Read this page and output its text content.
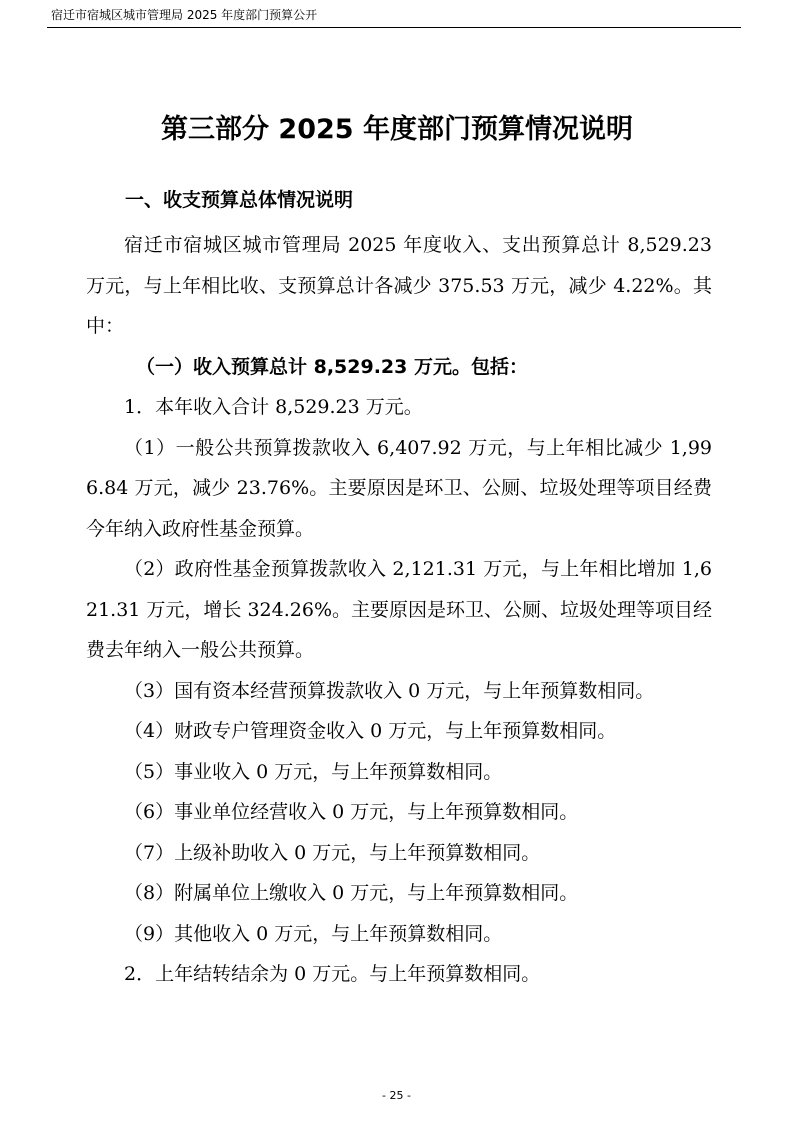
宿迁市宿城区城市管理局 2025 年度部门预算公开
第三部分 2025 年度部门预算情况说明
一、收支预算总体情况说明

宿迁市宿城区城市管理局 2025 年度收入、支出预算总计 8,529.23 万元，与上年相比收、支预算总计各减少 375.53 万元，减少 4.22%。其中：

（一）收入预算总计 8,529.23 万元。包括：

1．本年收入合计 8,529.23 万元。

（1）一般公共预算拨款收入 6,407.92 万元，与上年相比减少 1,996.84 万元，减少 23.76%。主要原因是环卫、公厕、垃圾处理等项目经费今年纳入政府性基金预算。

（2）政府性基金预算拨款收入 2,121.31 万元，与上年相比增加 1,621.31 万元，增长 324.26%。主要原因是环卫、公厕、垃圾处理等项目经费去年纳入一般公共预算。

（3）国有资本经营预算拨款收入 0 万元，与上年预算数相同。

（4）财政专户管理资金收入 0 万元，与上年预算数相同。

（5）事业收入 0 万元，与上年预算数相同。

（6）事业单位经营收入 0 万元，与上年预算数相同。

（7）上级补助收入 0 万元，与上年预算数相同。

（8）附属单位上缴收入 0 万元，与上年预算数相同。

（9）其他收入 0 万元，与上年预算数相同。

2．上年结转结余为 0 万元。与上年预算数相同。

- 25 -
